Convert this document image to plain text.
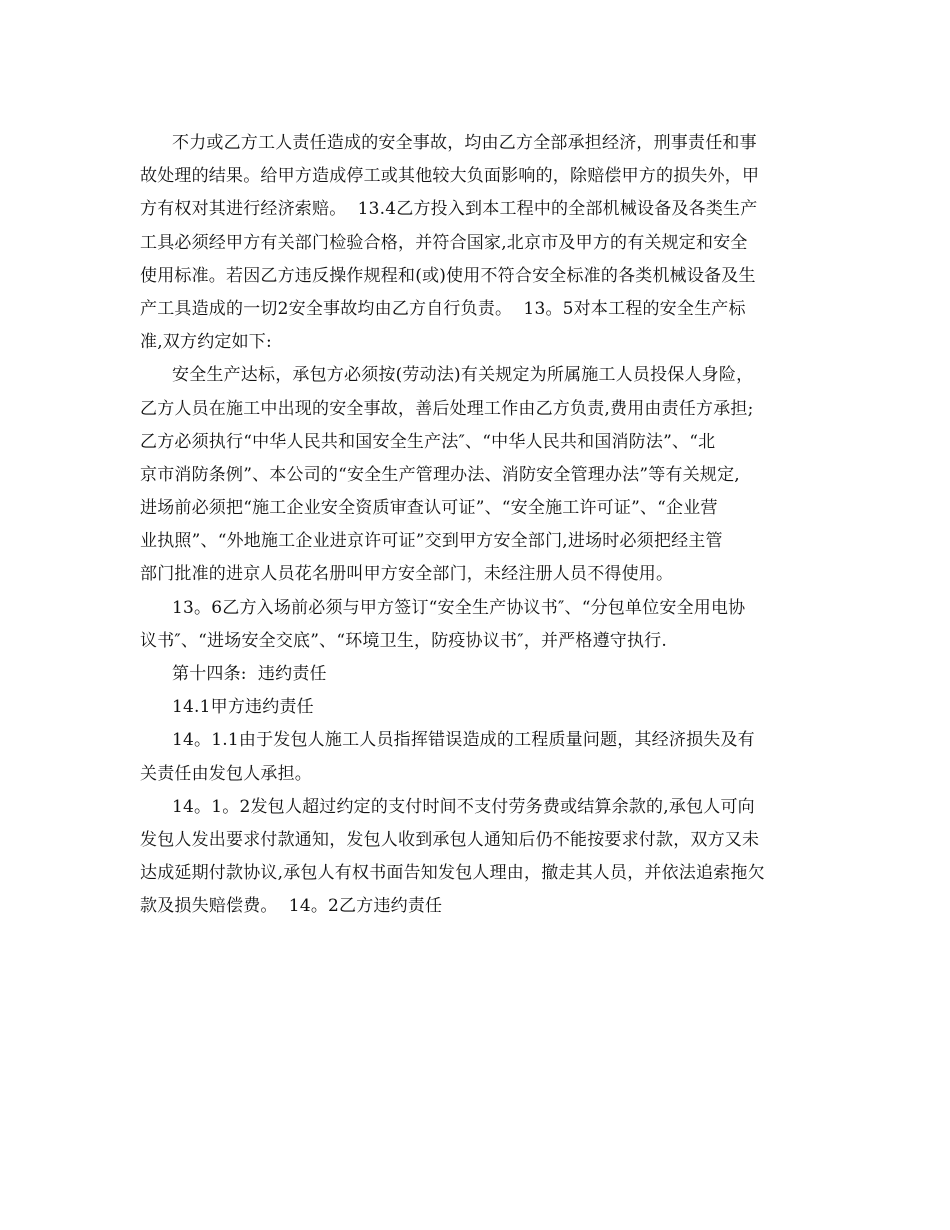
不力或乙方工人责任造成的安全事故，均由乙方全部承担经济，刑事责任和事
故处理的结果。给甲方造成停工或其他较大负面影响的，除赔偿甲方的损失外，甲
方有权对其进行经济索赔。  13.4乙方投入到本工程中的全部机械设备及各类生产
工具必须经甲方有关部门检验合格，并符合国家,北京市及甲方的有关规定和安全
使用标准。若因乙方违反操作规程和(或)使用不符合安全标准的各类机械设备及生
产工具造成的一切2安全事故均由乙方自行负责。  13。5对本工程的安全生产标
准,双方约定如下:
安全生产达标，承包方必须按(劳动法)有关规定为所属施工人员投保人身险，
乙方人员在施工中出现的安全事故，善后处理工作由乙方负责,费用由责任方承担;
乙方必须执行“中华人民共和国安全生产法″、“中华人民共和国消防法”、“北
京市消防条例”、本公司的“安全生产管理办法、消防安全管理办法”等有关规定,
进场前必须把“施工企业安全资质审查认可证”、“安全施工许可证”、“企业营
业执照”、“外地施工企业进京许可证”交到甲方安全部门,进场时必须把经主管
部门批准的进京人员花名册叫甲方安全部门，未经注册人员不得使用。
13。6乙方入场前必须与甲方签订“安全生产协议书″、“分包单位安全用电协
议书″、“进场安全交底”、“环境卫生，防疫协议书″，并严格遵守执行.
第十四条:  违约责任
14.1甲方违约责任
14。1.1由于发包人施工人员指挥错误造成的工程质量问题，其经济损失及有
关责任由发包人承担。
14。1。2发包人超过约定的支付时间不支付劳务费或结算余款的,承包人可向
发包人发出要求付款通知，发包人收到承包人通知后仍不能按要求付款，双方又未
达成延期付款协议,承包人有权书面告知发包人理由，撤走其人员，并依法追索拖欠
款及损失赔偿费。  14。2乙方违约责任
